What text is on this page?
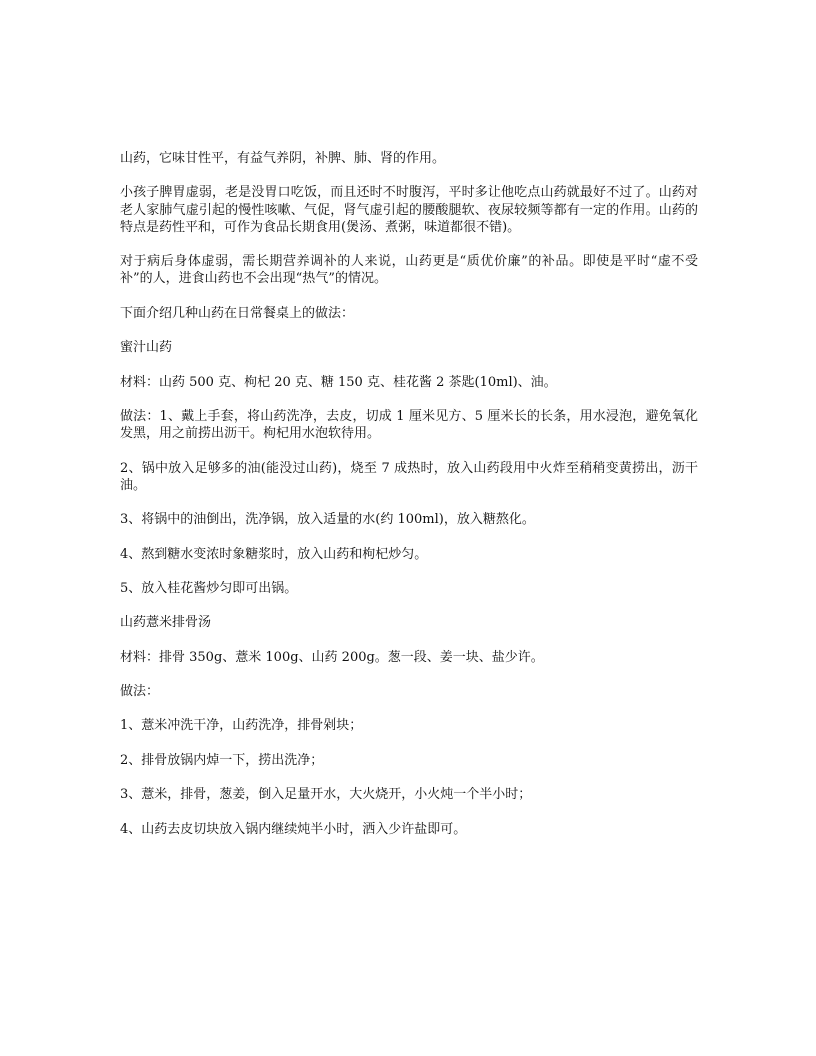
山药，它味甘性平，有益气养阴，补脾、肺、肾的作用。

小孩子脾胃虚弱，老是没胃口吃饭，而且还时不时腹泻，平时多让他吃点山药就最好不过了。山药对老人家肺气虚引起的慢性咳嗽、气促，肾气虚引起的腰酸腿软、夜尿较频等都有一定的作用。山药的特点是药性平和，可作为食品长期食用(煲汤、煮粥，味道都很不错)。

对于病后身体虚弱，需长期营养调补的人来说，山药更是“质优价廉”的补品。即使是平时“虚不受补”的人，进食山药也不会出现“热气”的情况。

下面介绍几种山药在日常餐桌上的做法：

蜜汁山药

材料：山药 500 克、枸杞 20 克、糖 150 克、桂花酱 2 茶匙(10ml)、油。

做法：1、戴上手套，将山药洗净，去皮，切成 1 厘米见方、5 厘米长的长条，用水浸泡，避免氧化发黑，用之前捞出沥干。枸杞用水泡软待用。

2、锅中放入足够多的油(能没过山药)，烧至 7 成热时，放入山药段用中火炸至稍稍变黄捞出，沥干油。

3、将锅中的油倒出，洗净锅，放入适量的水(约 100ml)，放入糖熬化。

4、熬到糖水变浓时象糖浆时，放入山药和枸杞炒匀。

5、放入桂花酱炒匀即可出锅。

山药薏米排骨汤

材料：排骨 350g、薏米 100g、山药 200g。葱一段、姜一块、盐少许。

做法：

1、薏米冲洗干净，山药洗净，排骨剁块；

2、排骨放锅内焯一下，捞出洗净；

3、薏米，排骨，葱姜，倒入足量开水，大火烧开，小火炖一个半小时；

4、山药去皮切块放入锅内继续炖半小时，洒入少许盐即可。
